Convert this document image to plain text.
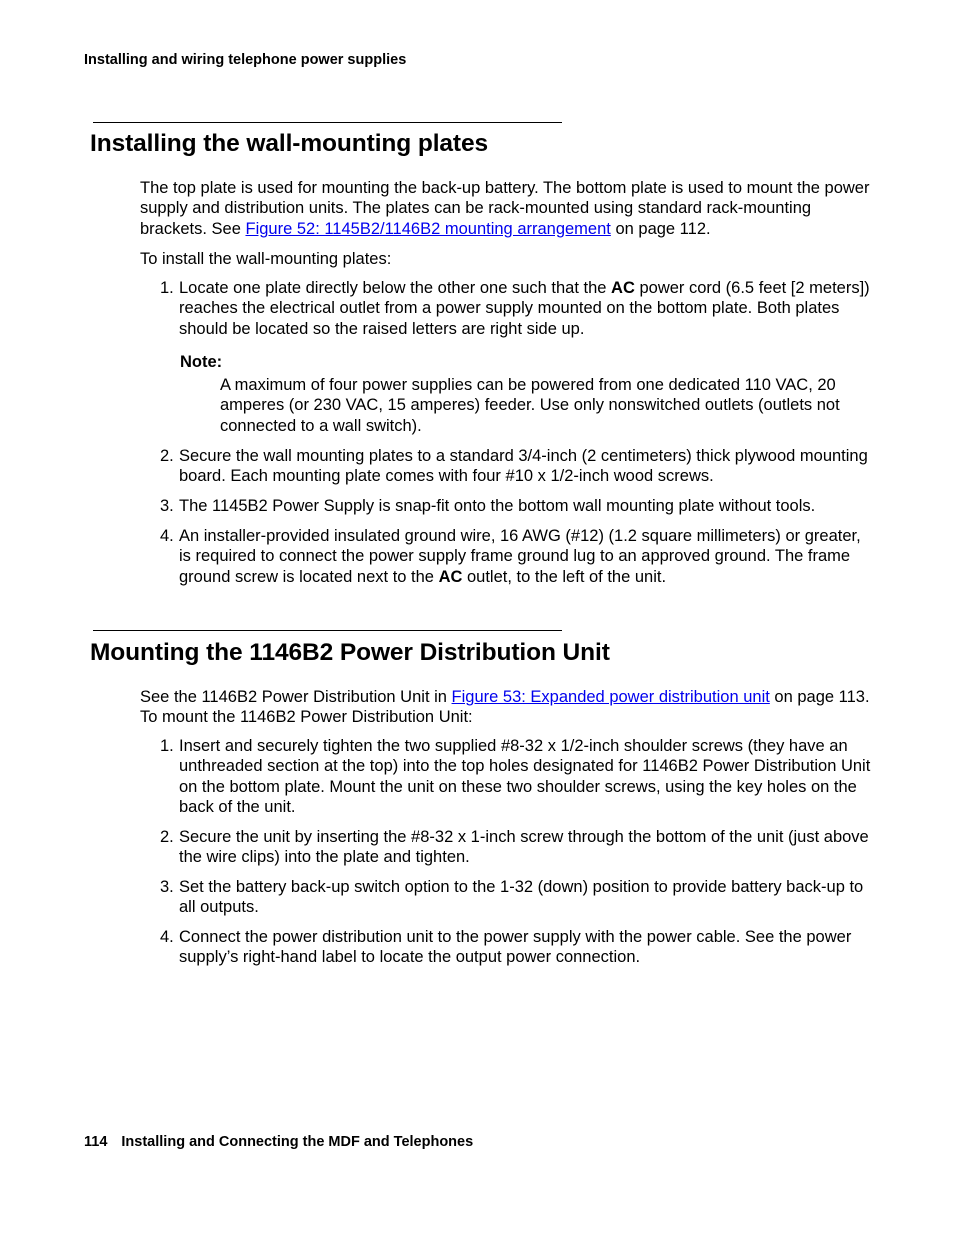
Installing and wiring telephone power supplies
Installing the wall-mounting plates

The top plate is used for mounting the back-up battery. The bottom plate is used to mount the power supply and distribution units. The plates can be rack-mounted using standard rack-mounting brackets. See Figure 52: 1145B2/1146B2 mounting arrangement on page 112.

To install the wall-mounting plates:

1. Locate one plate directly below the other one such that the AC power cord (6.5 feet [2 meters]) reaches the electrical outlet from a power supply mounted on the bottom plate. Both plates should be located so the raised letters are right side up.
Note:

A maximum of four power supplies can be powered from one dedicated 110 VAC, 20 amperes (or 230 VAC, 15 amperes) feeder. Use only nonswitched outlets (outlets not connected to a wall switch).

2. Secure the wall mounting plates to a standard 3/4-inch (2 centimeters) thick plywood mounting board. Each mounting plate comes with four #10 x 1/2-inch wood screws.
3. The 1145B2 Power Supply is snap-fit onto the bottom wall mounting plate without tools.
4. An installer-provided insulated ground wire, 16 AWG (#12) (1.2 square millimeters) or greater, is required to connect the power supply frame ground lug to an approved ground. The frame ground screw is located next to the AC outlet, to the left of the unit.
Mounting the 1146B2 Power Distribution Unit

See the 1146B2 Power Distribution Unit in Figure 53: Expanded power distribution unit on page 113. To mount the 1146B2 Power Distribution Unit:

1. Insert and securely tighten the two supplied #8-32 x 1/2-inch shoulder screws (they have an unthreaded section at the top) into the top holes designated for 1146B2 Power Distribution Unit on the bottom plate. Mount the unit on these two shoulder screws, using the key holes on the back of the unit.
2. Secure the unit by inserting the #8-32 x 1-inch screw through the bottom of the unit (just above the wire clips) into the plate and tighten.
3. Set the battery back-up switch option to the 1-32 (down) position to provide battery back-up to all outputs.
4. Connect the power distribution unit to the power supply with the power cable. See the power supply’s right-hand label to locate the output power connection.
114 Installing and Connecting the MDF and Telephones
